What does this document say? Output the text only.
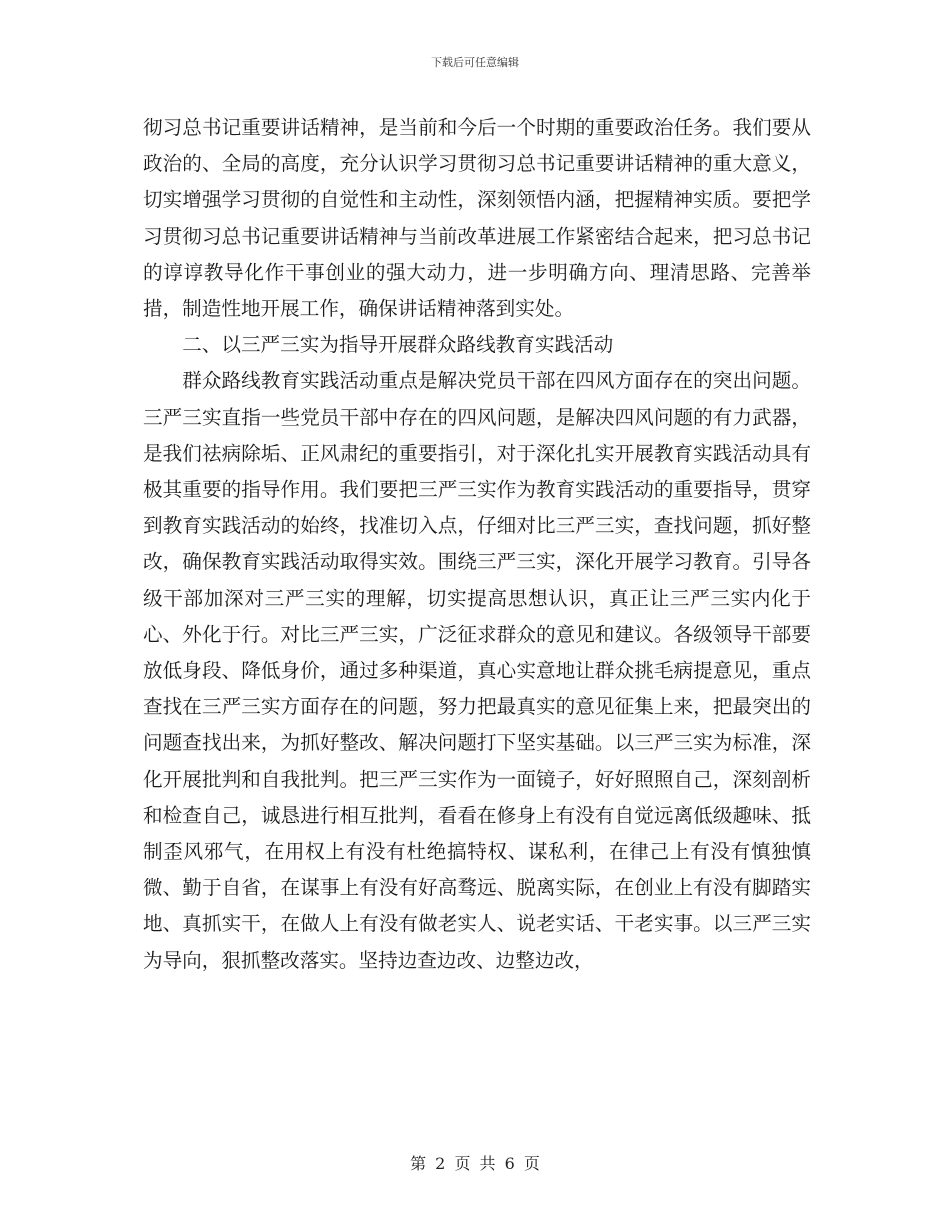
下载后可任意编辑

彻习总书记重要讲话精神，是当前和今后一个时期的重要政治任务。我们要从政治的、全局的高度，充分认识学习贯彻习总书记重要讲话精神的重大意义，切实增强学习贯彻的自觉性和主动性，深刻领悟内涵，把握精神实质。要把学习贯彻习总书记重要讲话精神与当前改革进展工作紧密结合起来，把习总书记的谆谆教导化作干事创业的强大动力，进一步明确方向、理清思路、完善举措，制造性地开展工作，确保讲话精神落到实处。

二、以三严三实为指导开展群众路线教育实践活动

群众路线教育实践活动重点是解决党员干部在四风方面存在的突出问题。三严三实直指一些党员干部中存在的四风问题，是解决四风问题的有力武器，是我们祛病除垢、正风肃纪的重要指引，对于深化扎实开展教育实践活动具有极其重要的指导作用。我们要把三严三实作为教育实践活动的重要指导，贯穿到教育实践活动的始终，找准切入点，仔细对比三严三实，查找问题，抓好整改，确保教育实践活动取得实效。围绕三严三实，深化开展学习教育。引导各级干部加深对三严三实的理解，切实提高思想认识，真正让三严三实内化于心、外化于行。对比三严三实，广泛征求群众的意见和建议。各级领导干部要放低身段、降低身价，通过多种渠道，真心实意地让群众挑毛病提意见，重点查找在三严三实方面存在的问题，努力把最真实的意见征集上来，把最突出的问题查找出来，为抓好整改、解决问题打下坚实基础。以三严三实为标准，深化开展批判和自我批判。把三严三实作为一面镜子，好好照照自己，深刻剖析和检查自己，诚恳进行相互批判，看看在修身上有没有自觉远离低级趣味、抵制歪风邪气，在用权上有没有杜绝搞特权、谋私利，在律己上有没有慎独慎微、勤于自省，在谋事上有没有好高骛远、脱离实际，在创业上有没有脚踏实地、真抓实干，在做人上有没有做老实人、说老实话、干老实事。以三严三实为导向，狠抓整改落实。坚持边查边改、边整边改，

第 2 页 共 6 页
